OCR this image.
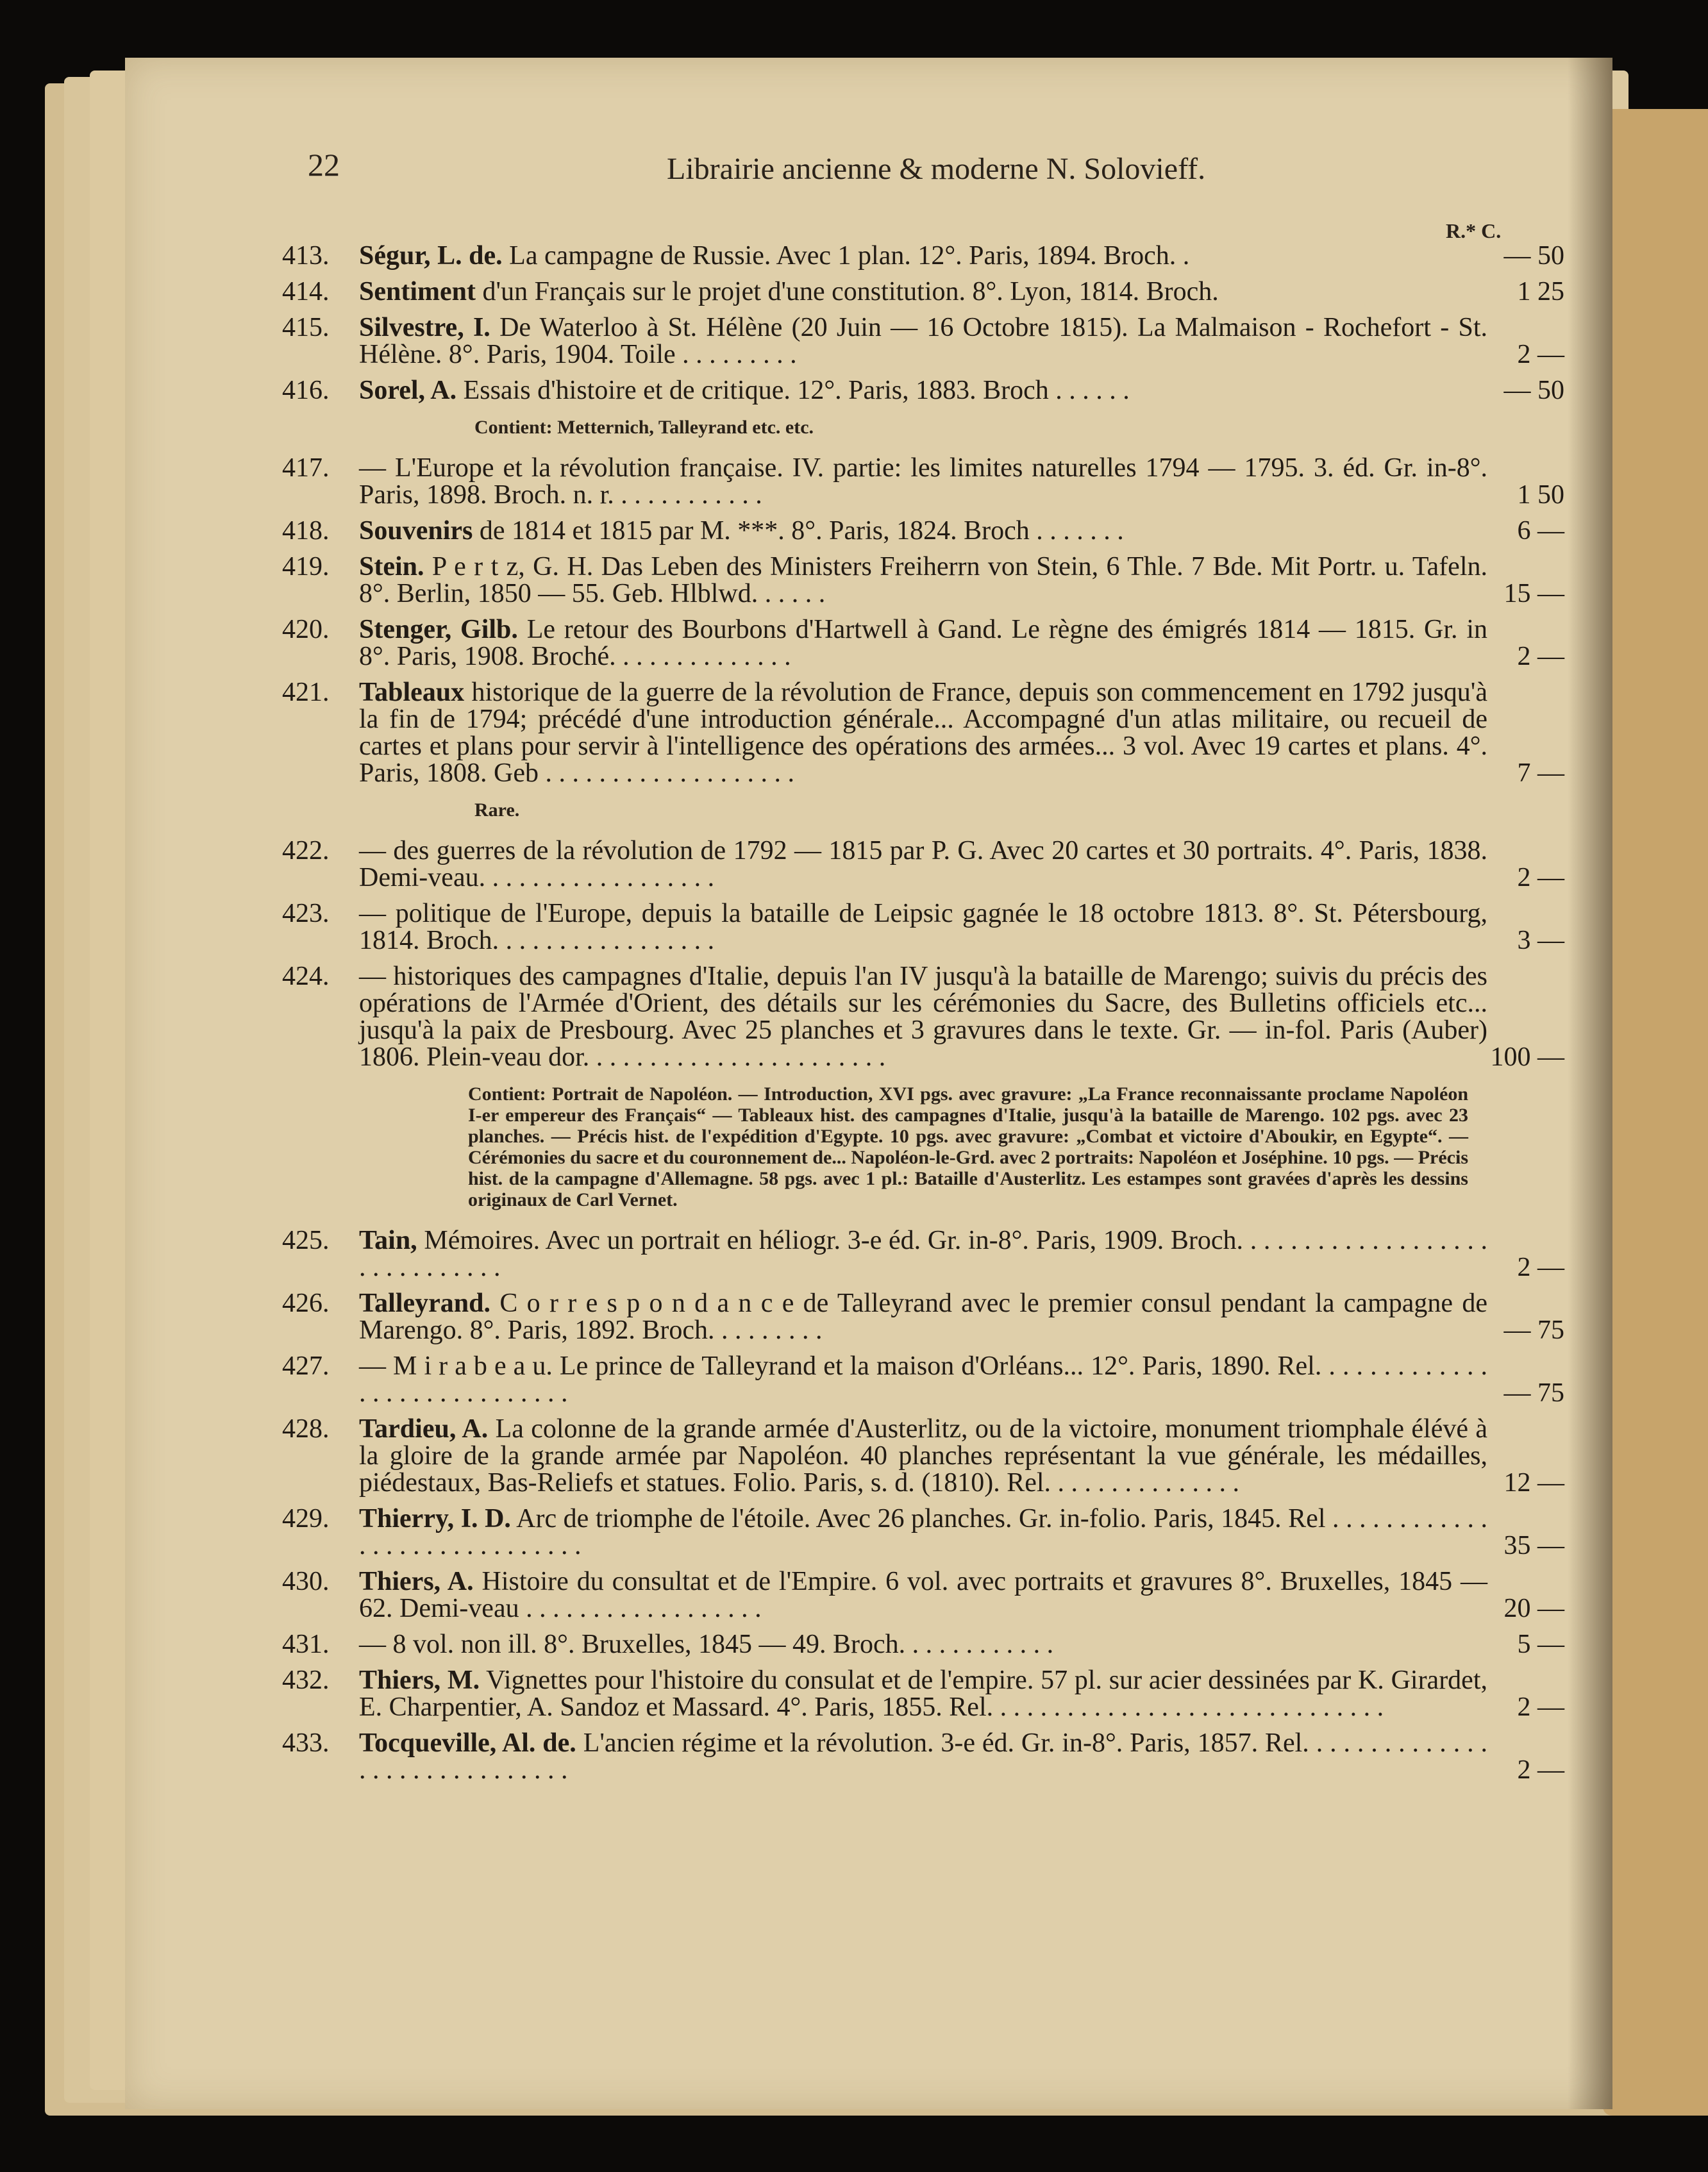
22	Librairie ancienne & moderne N. Solovieff.
R.* C.
413.	Ségur, L. de. La campagne de Russie. Avec 1 plan. 12°. Paris, 1894. Broch. .	— 50
414.	Sentiment d'un Français sur le projet d'une constitution. 8°. Lyon, 1814. Broch.	1 25
415.	Silvestre, I. De Waterloo à St. Hélène (20 Juin — 16 Octobre 1815). La Malmaison - Rochefort - St. Hélène. 8°. Paris, 1904. Toile . . . . . . . . .	2 —
416.	Sorel, A. Essais d'histoire et de critique. 12°. Paris, 1883. Broch . . . . . .	— 50
Contient: Metternich, Talleyrand etc. etc.
417.	— L'Europe et la révolution française. IV. partie: les limites naturelles 1794 — 1795. 3. éd. Gr. in-8°. Paris, 1898. Broch. n. r. . . . . . . . . . . .	1 50
418.	Souvenirs de 1814 et 1815 par M. ***. 8°. Paris, 1824. Broch . . . . . . .	6 —
419.	Stein. P e r t z, G. H. Das Leben des Ministers Freiherrn von Stein, 6 Thle. 7 Bde. Mit Portr. u. Tafeln. 8°. Berlin, 1850 — 55. Geb. Hlblwd. . . . . .	15 —
420.	Stenger, Gilb. Le retour des Bourbons d'Hartwell à Gand. Le règne des émigrés 1814 — 1815. Gr. in 8°. Paris, 1908. Broché. . . . . . . . . . . . . .	2 —
421.	Tableaux historique de la guerre de la révolution de France, depuis son commencement en 1792 jusqu'à la fin de 1794; précédé d'une introduction générale... Accompagné d'un atlas militaire, ou recueil de cartes et plans pour servir à l'intelligence des opérations des armées... 3 vol. Avec 19 cartes et plans. 4°. Paris, 1808. Geb . . . . . . . . . . . . . . . . . . .	7 —
Rare.
422.	— des guerres de la révolution de 1792 — 1815 par P. G. Avec 20 cartes et 30 portraits. 4°. Paris, 1838. Demi-veau. . . . . . . . . . . . . . . . . .	2 —
423.	— politique de l'Europe, depuis la bataille de Leipsic gagnée le 18 octobre 1813. 8°. St. Pétersbourg, 1814. Broch. . . . . . . . . . . . . . . . .	3 —
424.	— historiques des campagnes d'Italie, depuis l'an IV jusqu'à la bataille de Marengo; suivis du précis des opérations de l'Armée d'Orient, des détails sur les cérémonies du Sacre, des Bulletins officiels etc... jusqu'à la paix de Presbourg. Avec 25 planches et 3 gravures dans le texte. Gr. — in-fol. Paris (Auber) 1806. Plein-veau dor. . . . . . . . . . . . . . . . . . . . . . .	100 —
Contient: Portrait de Napoléon. — Introduction, XVI pgs. avec gravure: „La France reconnaissante proclame Napoléon I-er empereur des Français“ — Tableaux hist. des campagnes d'Italie, jusqu'à la bataille de Marengo. 102 pgs. avec 23 planches. — Précis hist. de l'expédition d'Egypte. 10 pgs. avec gravure: „Combat et victoire d'Aboukir, en Egypte“. — Cérémonies du sacre et du couronnement de... Napoléon-le-Grd. avec 2 portraits: Napoléon et Joséphine. 10 pgs. — Précis hist. de la campagne d'Allemagne. 58 pgs. avec 1 pl.: Bataille d'Austerlitz. Les estampes sont gravées d'après les dessins originaux de Carl Vernet.
425.	Tain, Mémoires. Avec un portrait en héliogr. 3-e éd. Gr. in-8°. Paris, 1909. Broch. . . . . . . . . . . . . . . . . . . . . . . . . . . . . .	2 —
426.	Talleyrand. C o r r e s p o n d a n c e de Talleyrand avec le premier consul pendant la campagne de Marengo. 8°. Paris, 1892. Broch. . . . . . . . .	— 75
427.	— M i r a b e a u. Le prince de Talleyrand et la maison d'Orléans... 12°. Paris, 1890. Rel. . . . . . . . . . . . . . . . . . . . . . . . . . . . .	— 75
428.	Tardieu, A. La colonne de la grande armée d'Austerlitz, ou de la victoire, monument triomphale élévé à la gloire de la grande armée par Napoléon. 40 planches représentant la vue générale, les médailles, piédestaux, Bas-Reliefs et statues. Folio. Paris, s. d. (1810). Rel. . . . . . . . . . . . . . .	12 —
429.	Thierry, I. D. Arc de triomphe de l'étoile. Avec 26 planches. Gr. in-folio. Paris, 1845. Rel . . . . . . . . . . . . . . . . . . . . . . . . . . . . .	35 —
430.	Thiers, A. Histoire du consultat et de l'Empire. 6 vol. avec portraits et gravures 8°. Bruxelles, 1845 — 62. Demi-veau . . . . . . . . . . . . . . . . . .	20 —
431.	— 8 vol. non ill. 8°. Bruxelles, 1845 — 49. Broch. . . . . . . . . . . .	5 —
432.	Thiers, M. Vignettes pour l'histoire du consulat et de l'empire. 57 pl. sur acier dessinées par K. Girardet, E. Charpentier, A. Sandoz et Massard. 4°. Paris, 1855. Rel. . . . . . . . . . . . . . . . . . . . . . . . . . . . . .	2 —
433.	Tocqueville, Al. de. L'ancien régime et la révolution. 3-e éd. Gr. in-8°. Paris, 1857. Rel. . . . . . . . . . . . . . . . . . . . . . . . . . . . . .	2 —
